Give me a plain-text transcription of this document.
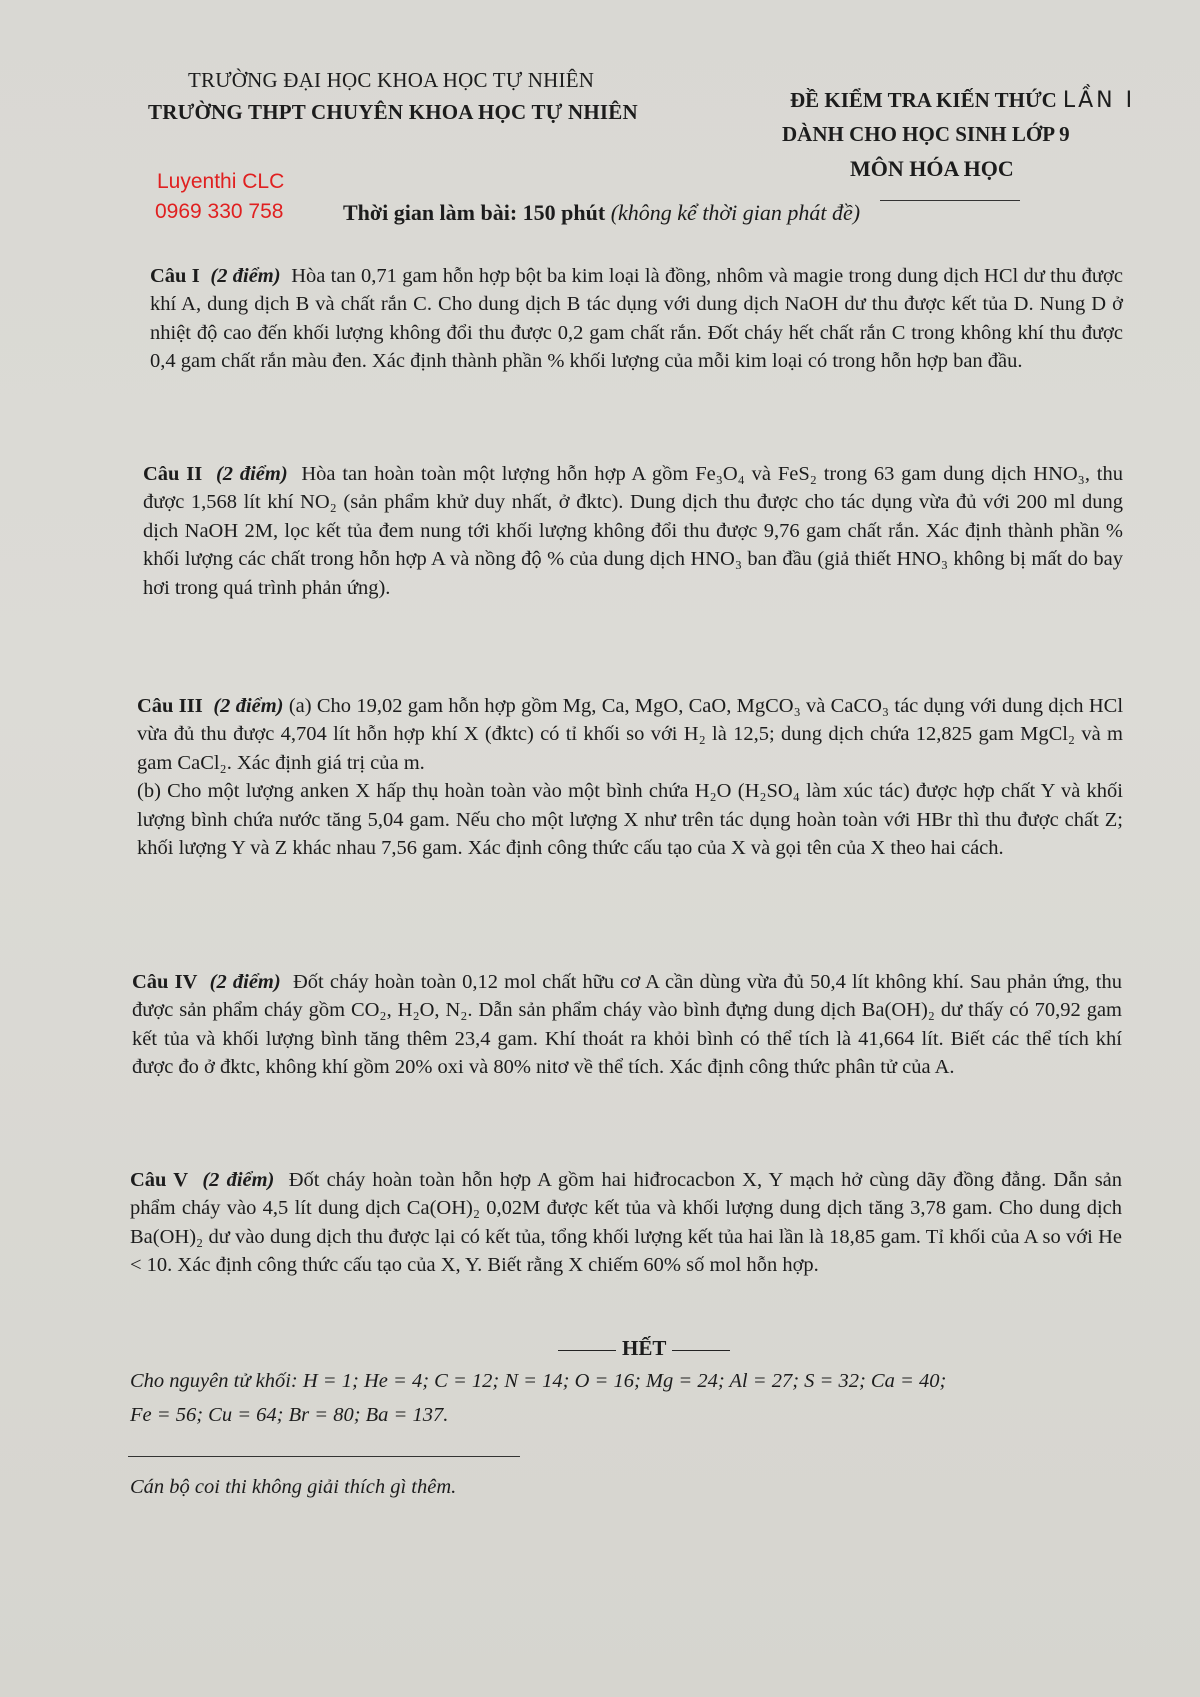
TRƯỜNG ĐẠI HỌC KHOA HỌC TỰ NHIÊN
TRƯỜNG THPT CHUYÊN KHOA HỌC TỰ NHIÊN	ĐỀ KIỂM TRA KIẾN THỨC LẦN I
DÀNH CHO HỌC SINH LỚP 9
MÔN HÓA HỌC
Luyenthi CLC
0969 330 758	Thời gian làm bài: 150 phút (không kể thời gian phát đề)

Câu I (2 điểm) Hòa tan 0,71 gam hỗn hợp bột ba kim loại là đồng, nhôm và magie trong dung dịch HCl dư thu được khí A, dung dịch B và chất rắn C. Cho dung dịch B tác dụng với dung dịch NaOH dư thu được kết tủa D. Nung D ở nhiệt độ cao đến khối lượng không đổi thu được 0,2 gam chất rắn. Đốt cháy hết chất rắn C trong không khí thu được 0,4 gam chất rắn màu đen. Xác định thành phần % khối lượng của mỗi kim loại có trong hỗn hợp ban đầu.

Câu II (2 điểm) Hòa tan hoàn toàn một lượng hỗn hợp A gồm Fe₃O₄ và FeS₂ trong 63 gam dung dịch HNO₃, thu được 1,568 lít khí NO₂ (sản phẩm khử duy nhất, ở đktc). Dung dịch thu được cho tác dụng vừa đủ với 200 ml dung dịch NaOH 2M, lọc kết tủa đem nung tới khối lượng không đổi thu được 9,76 gam chất rắn. Xác định thành phần % khối lượng các chất trong hỗn hợp A và nồng độ % của dung dịch HNO₃ ban đầu (giả thiết HNO₃ không bị mất do bay hơi trong quá trình phản ứng).

Câu III (2 điểm) (a) Cho 19,02 gam hỗn hợp gồm Mg, Ca, MgO, CaO, MgCO₃ và CaCO₃ tác dụng với dung dịch HCl vừa đủ thu được 4,704 lít hỗn hợp khí X (đktc) có tỉ khối so với H₂ là 12,5; dung dịch chứa 12,825 gam MgCl₂ và m gam CaCl₂. Xác định giá trị của m.

(b) Cho một lượng anken X hấp thụ hoàn toàn vào một bình chứa H₂O (H₂SO₄ làm xúc tác) được hợp chất Y và khối lượng bình chứa nước tăng 5,04 gam. Nếu cho một lượng X như trên tác dụng hoàn toàn với HBr thì thu được chất Z; khối lượng Y và Z khác nhau 7,56 gam. Xác định công thức cấu tạo của X và gọi tên của X theo hai cách.

Câu IV (2 điểm) Đốt cháy hoàn toàn 0,12 mol chất hữu cơ A cần dùng vừa đủ 50,4 lít không khí. Sau phản ứng, thu được sản phẩm cháy gồm CO₂, H₂O, N₂. Dẫn sản phẩm cháy vào bình đựng dung dịch Ba(OH)₂ dư thấy có 70,92 gam kết tủa và khối lượng bình tăng thêm 23,4 gam. Khí thoát ra khỏi bình có thể tích là 41,664 lít. Biết các thể tích khí được đo ở đktc, không khí gồm 20% oxi và 80% nitơ về thể tích. Xác định công thức phân tử của A.

Câu V (2 điểm) Đốt cháy hoàn toàn hỗn hợp A gồm hai hiđrocacbon X, Y mạch hở cùng dãy đồng đẳng. Dẫn sản phẩm cháy vào 4,5 lít dung dịch Ca(OH)₂ 0,02M được kết tủa và khối lượng dung dịch tăng 3,78 gam. Cho dung dịch Ba(OH)₂ dư vào dung dịch thu được lại có kết tủa, tổng khối lượng kết tủa hai lần là 18,85 gam. Tỉ khối của A so với He < 10. Xác định công thức cấu tạo của X, Y. Biết rằng X chiếm 60% số mol hỗn hợp.

HẾT

Cho nguyên tử khối: H = 1; He = 4; C = 12; N = 14; O = 16; Mg = 24; Al = 27; S = 32; Ca = 40;

Fe = 56; Cu = 64; Br = 80; Ba = 137.

Cán bộ coi thi không giải thích gì thêm.
